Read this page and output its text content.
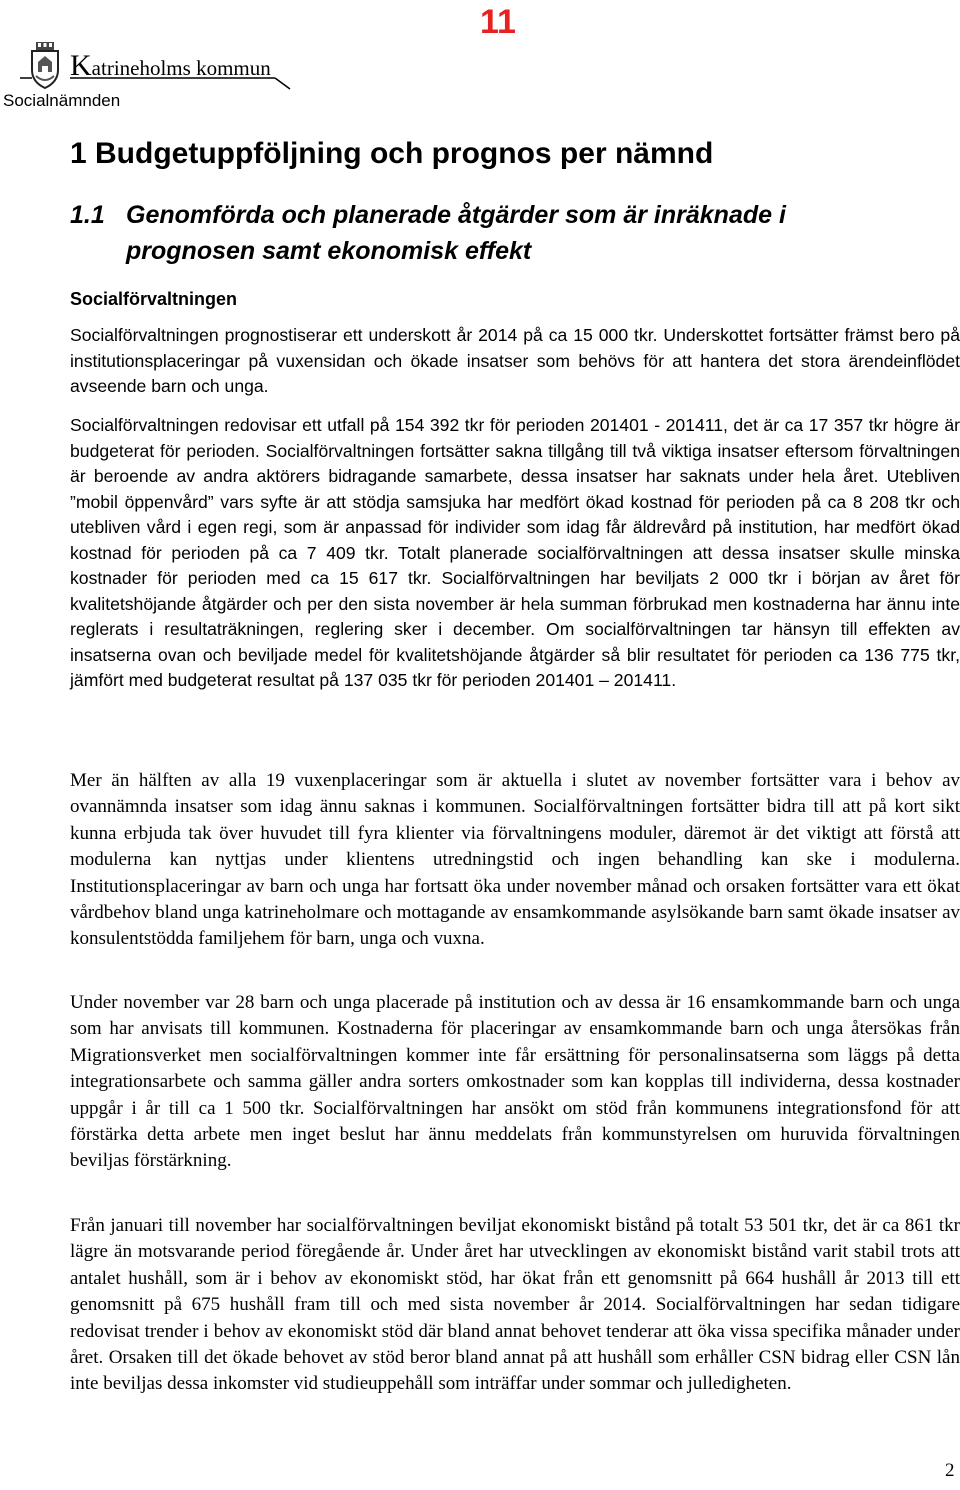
11
Katrineholms kommun
Socialnämnden
1 Budgetuppföljning och prognos per nämnd
1.1 Genomförda och planerade åtgärder som är inräknade i
prognosen samt ekonomisk effekt
Socialförvaltningen

Socialförvaltningen prognostiserar ett underskott år 2014 på ca 15 000 tkr. Underskottet fortsätter främst bero på institutionsplaceringar på vuxensidan och ökade insatser som behövs för att hantera det stora ärendeinflödet avseende barn och unga.

Socialförvaltningen redovisar ett utfall på 154 392 tkr för perioden 201401 - 201411, det är ca 17 357 tkr högre är budgeterat för perioden. Socialförvaltningen fortsätter sakna tillgång till två viktiga insatser eftersom förvaltningen är beroende av andra aktörers bidragande samarbete, dessa insatser har saknats under hela året. Utebliven ”mobil öppenvård” vars syfte är att stödja samsjuka har medfört ökad kostnad för perioden på ca 8 208 tkr och utebliven vård i egen regi, som är anpassad för individer som idag får äldrevård på institution, har medfört ökad kostnad för perioden på ca 7 409 tkr. Totalt planerade socialförvaltningen att dessa insatser skulle minska kostnader för perioden med ca 15 617 tkr. Socialförvaltningen har beviljats 2 000 tkr i början av året för kvalitetshöjande åtgärder och per den sista november är hela summan förbrukad men kostnaderna har ännu inte reglerats i resultaträkningen, reglering sker i december. Om socialförvaltningen tar hänsyn till effekten av insatserna ovan och beviljade medel för kvalitetshöjande åtgärder så blir resultatet för perioden ca 136 775 tkr, jämfört med budgeterat resultat på 137 035 tkr för perioden 201401 – 201411.

Mer än hälften av alla 19 vuxenplaceringar som är aktuella i slutet av november fortsätter vara i behov av ovannämnda insatser som idag ännu saknas i kommunen. Socialförvaltningen fortsätter bidra till att på kort sikt kunna erbjuda tak över huvudet till fyra klienter via förvaltningens moduler, däremot är det viktigt att förstå att modulerna kan nyttjas under klientens utredningstid och ingen behandling kan ske i modulerna. Institutionsplaceringar av barn och unga har fortsatt öka under november månad och orsaken fortsätter vara ett ökat vårdbehov bland unga katrineholmare och mottagande av ensamkommande asylsökande barn samt ökade insatser av konsulentstödda familjehem för barn, unga och vuxna.

Under november var 28 barn och unga placerade på institution och av dessa är 16 ensamkommande barn och unga som har anvisats till kommunen. Kostnaderna för placeringar av ensamkommande barn och unga återsökas från Migrationsverket men socialförvaltningen kommer inte får ersättning för personalinsatserna som läggs på detta integrationsarbete och samma gäller andra sorters omkostnader som kan kopplas till individerna, dessa kostnader uppgår i år till ca 1 500 tkr. Socialförvaltningen har ansökt om stöd från kommunens integrationsfond för att förstärka detta arbete men inget beslut har ännu meddelats från kommunstyrelsen om huruvida förvaltningen beviljas förstärkning.

Från januari till november har socialförvaltningen beviljat ekonomiskt bistånd på totalt 53 501 tkr, det är ca 861 tkr lägre än motsvarande period föregående år. Under året har utvecklingen av ekonomiskt bistånd varit stabil trots att antalet hushåll, som är i behov av ekonomiskt stöd, har ökat från ett genomsnitt på 664 hushåll år 2013 till ett genomsnitt på 675 hushåll fram till och med sista november år 2014. Socialförvaltningen har sedan tidigare redovisat trender i behov av ekonomiskt stöd där bland annat behovet tenderar att öka vissa specifika månader under året. Orsaken till det ökade behovet av stöd beror bland annat på att hushåll som erhåller CSN bidrag eller CSN lån inte beviljas dessa inkomster vid studieuppehåll som inträffar under sommar och julledigheten.

2
